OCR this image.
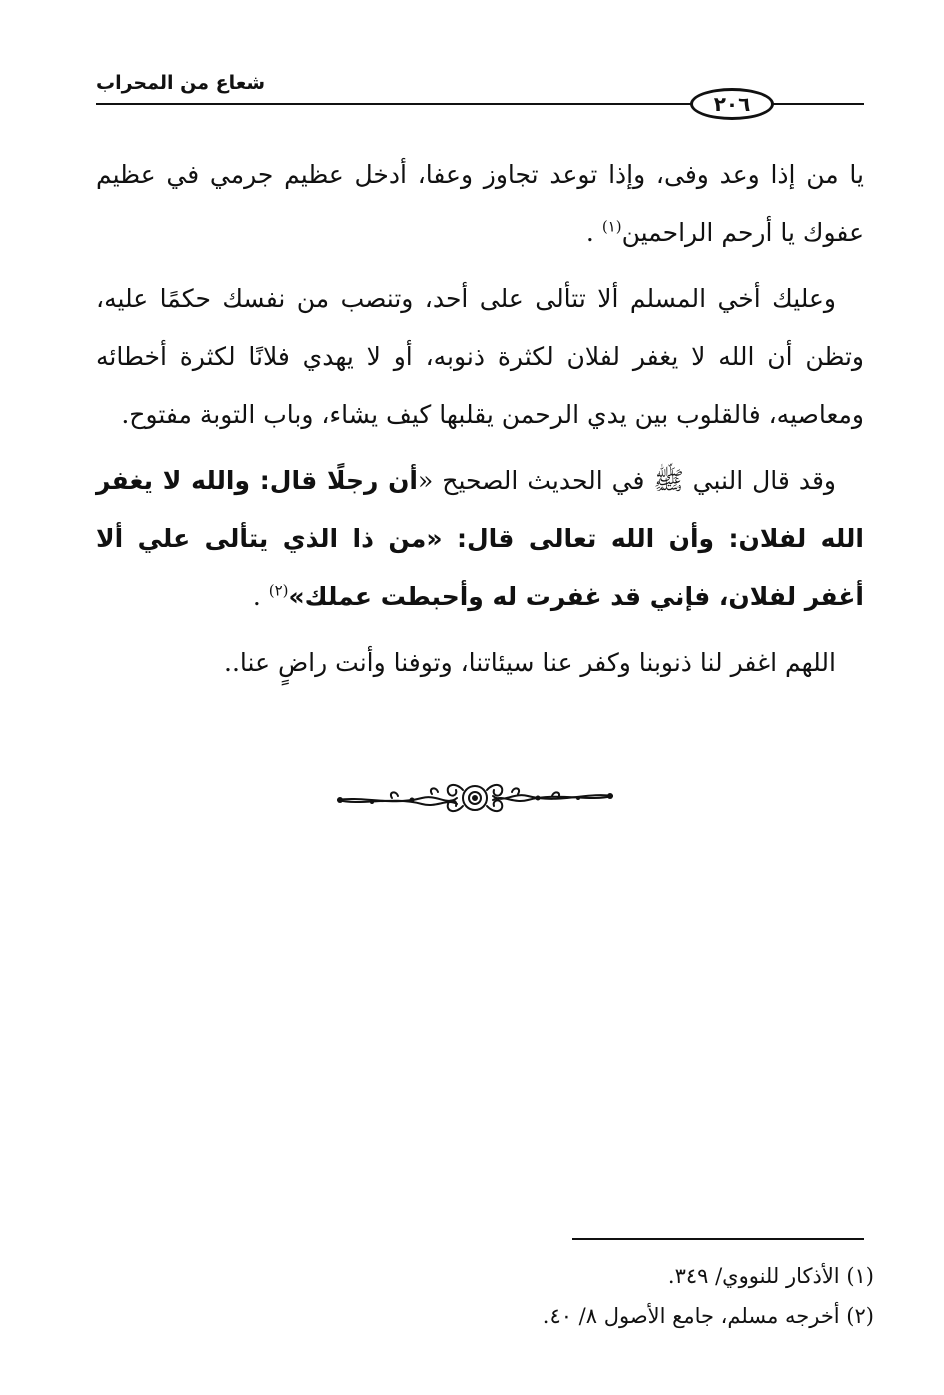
شعاع من المحراب
٢٠٦

يا من إذا وعد وفى، وإذا توعد تجاوز وعفا، أدخل عظيم جرمي في عظيم عفوك يا أرحم الراحمين$^{(١)}$ .

وعليك أخي المسلم ألا تتألى على أحد، وتنصب من نفسك حكمًا عليه، وتظن أن الله لا يغفر لفلان لكثرة ذنوبه، أو لا يهدي فلانًا لكثرة أخطائه ومعاصيه، فالقلوب بين يدي الرحمن يقلبها كيف يشاء، وباب التوبة مفتوح.

وقد قال النبي ﷺ في الحديث الصحيح «أن رجلًا قال: والله لا يغفر الله لفلان: وأن الله تعالى قال: «من ذا الذي يتألى علي ألا أغفر لفلان، فإني قد غفرت له وأحبطت عملك»$^{(٢)}$ .

اللهم اغفر لنا ذنوبنا وكفر عنا سيئاتنا، وتوفنا وأنت راضٍ عنا..

(١) الأذكار للنووي/ ٣٤٩.
(٢) أخرجه مسلم، جامع الأصول ٨/ ٤٠.
